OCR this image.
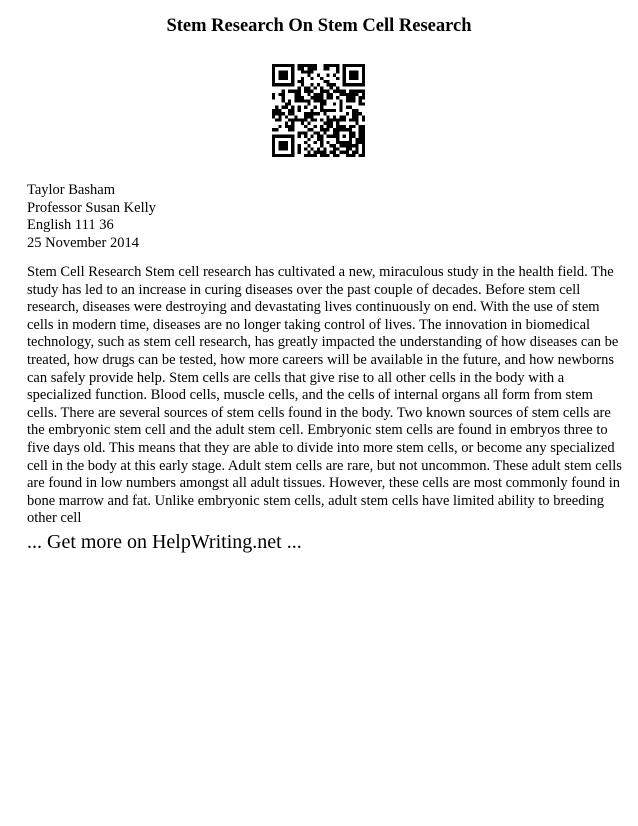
Stem Research On Stem Cell Research
Taylor Basham
Professor Susan Kelly
English 111 36
25 November 2014
Stem Cell Research Stem cell research has cultivated a new, miraculous study in the health field. The
study has led to an increase in curing diseases over the past couple of decades. Before stem cell
research, diseases were destroying and devastating lives continuously on end. With the use of stem
cells in modern time, diseases are no longer taking control of lives. The innovation in biomedical
technology, such as stem cell research, has greatly impacted the understanding of how diseases can be
treated, how drugs can be tested, how more careers will be available in the future, and how newborns
can safely provide help. Stem cells are cells that give rise to all other cells in the body with a
specialized function. Blood cells, muscle cells, and the cells of internal organs all form from stem
cells. There are several sources of stem cells found in the body. Two known sources of stem cells are
the embryonic stem cell and the adult stem cell. Embryonic stem cells are found in embryos three to
five days old. This means that they are able to divide into more stem cells, or become any specialized
cell in the body at this early stage. Adult stem cells are rare, but not uncommon. These adult stem cells
are found in low numbers amongst all adult tissues. However, these cells are most commonly found in
bone marrow and fat. Unlike embryonic stem cells, adult stem cells have limited ability to breeding
other cell
... Get more on HelpWriting.net ...
